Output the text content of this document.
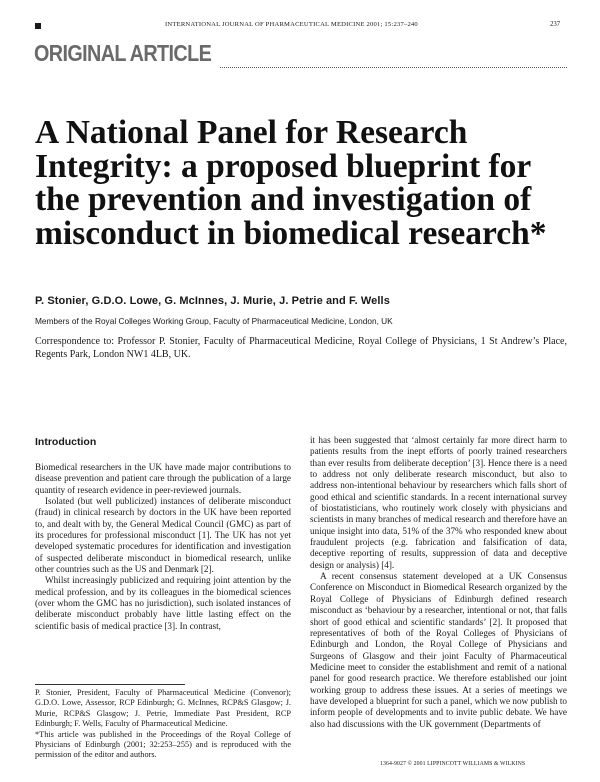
INTERNATIONAL JOURNAL OF PHARMACEUTICAL MEDICINE 2001; 15:237–240	237
ORIGINAL ARTICLE
A National Panel for Research
Integrity: a proposed blueprint for
the prevention and investigation of
misconduct in biomedical research*
P. Stonier, G.D.O. Lowe, G. McInnes, J. Murie, J. Petrie and F. Wells
Members of the Royal Colleges Working Group, Faculty of Pharmaceutical Medicine, London, UK
Correspondence to: Professor P. Stonier, Faculty of Pharmaceutical Medicine, Royal College of Physicians, 1 St Andrew’s Place, Regents Park, London NW1 4LB, UK.
Introduction

Biomedical researchers in the UK have made major contributions to disease prevention and patient care through the publication of a large quantity of research evidence in peer-reviewed journals.

Isolated (but well publicized) instances of deliberate misconduct (fraud) in clinical research by doctors in the UK have been reported to, and dealt with by, the General Medical Council (GMC) as part of its procedures for professional misconduct [1]. The UK has not yet developed systematic procedures for identification and investigation of suspected deliberate misconduct in biomedical research, unlike other countries such as the US and Denmark [2].

Whilst increasingly publicized and requiring joint attention by the medical profession, and by its colleagues in the biomedical sciences (over whom the GMC has no jurisdiction), such isolated instances of deliberate misconduct probably have little lasting effect on the scientific basis of medical practice [3]. In contrast,

it has been suggested that ‘almost certainly far more direct harm to patients results from the inept efforts of poorly trained researchers than ever results from deliberate deception’ [3]. Hence there is a need to address not only deliberate research misconduct, but also to address non-intentional behaviour by researchers which falls short of good ethical and scientific standards. In a recent international survey of biostatisticians, who routinely work closely with physicians and scientists in many branches of medical research and therefore have an unique insight into data, 51% of the 37% who responded knew about fraudulent projects (e.g. fabrication and falsification of data, deceptive reporting of results, suppression of data and deceptive design or analysis) [4].

A recent consensus statement developed at a UK Consensus Conference on Misconduct in Biomedical Research organized by the Royal College of Physicians of Edinburgh defined research misconduct as ‘behaviour by a researcher, intentional or not, that falls short of good ethical and scientific standards’ [2]. It proposed that representatives of both of the Royal Colleges of Physicians of Edinburgh and London, the Royal College of Physicians and Surgeons of Glasgow and their joint Faculty of Pharmaceutical Medicine meet to consider the establishment and remit of a national panel for good research practice. We therefore established our joint working group to address these issues. At a series of meetings we have developed a blueprint for such a panel, which we now publish to inform people of developments and to invite public debate. We have also had discussions with the UK government (Departments of

P. Stonier, President, Faculty of Pharmaceutical Medicine (Convenor); G.D.O. Lowe, Assessor, RCP Edinburgh; G. McInnes, RCP&S Glasgow; J. Murie, RCP&S Glasgow; J. Petrie, Immediate Past President, RCP Edinburgh; F. Wells, Faculty of Pharmaceutical Medicine.

*This article was published in the Proceedings of the Royal College of Physicians of Edinburgh (2001; 32:253–255) and is reproduced with the permission of the editor and authors.

1364-9027 © 2001 LIPPINCOTT WILLIAMS & WILKINS
